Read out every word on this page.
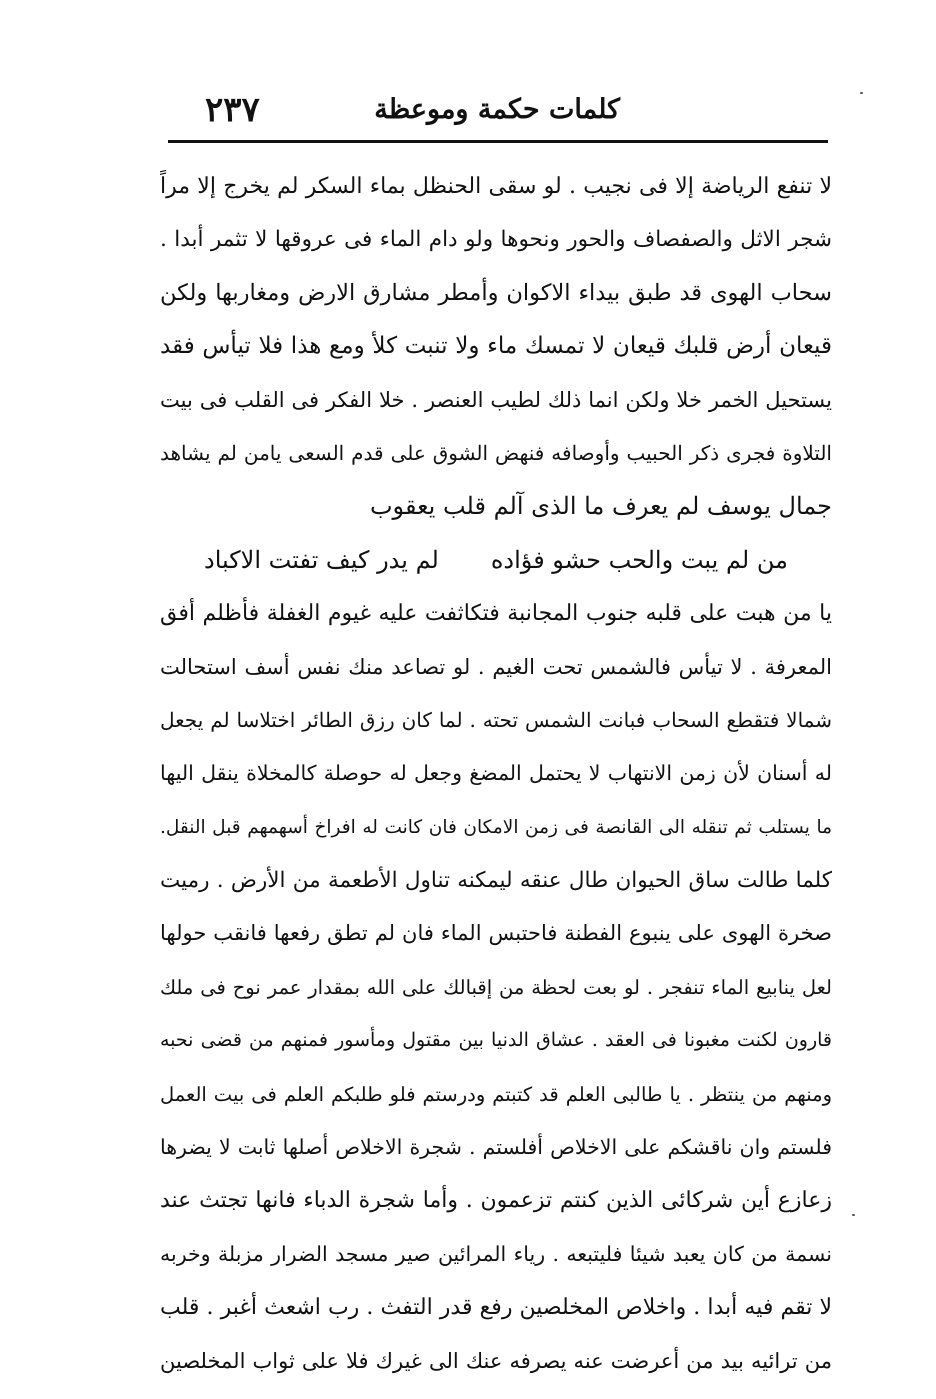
كلمات حكمة وموعظة
٢٣٧
لا تنفع الرياضة إلا فى نجيب . لو سقى الحنظل بماء السكر لم يخرج إلا مراً
شجر الاثل والصفصاف والحور ونحوها ولو دام الماء فى عروقها لا تثمر أبدا .
سحاب الهوى قد طبق بيداء الاكوان وأمطر مشارق الارض ومغاربها ولكن
قيعان أرض قلبك قيعان لا تمسك ماء ولا تنبت كلأ ومع هذا فلا تيأس فقد
يستحيل الخمر خلا ولكن انما ذلك لطيب العنصر . خلا الفكر فى القلب فى بيت
التلاوة فجرى ذكر الحبيب وأوصافه فنهض الشوق على قدم السعى يامن لم يشاهد
جمال يوسف لم يعرف ما الذى آلم قلب يعقوب
من لم يبت والحب حشو فؤاده
لم يدر كيف تفتت الاكباد
يا من هبت على قلبه جنوب المجانبة فتكاثفت عليه غيوم الغفلة فأظلم أفق
المعرفة . لا تيأس فالشمس تحت الغيم . لو تصاعد منك نفس أسف استحالت
شمالا فتقطع السحاب فبانت الشمس تحته . لما كان رزق الطائر اختلاسا لم يجعل
له أسنان لأن زمن الانتهاب لا يحتمل المضغ وجعل له حوصلة كالمخلاة ينقل اليها
ما يستلب ثم تنقله الى القانصة فى زمن الامكان فان كانت له افراخ أسهمهم قبل النقل.
كلما طالت ساق الحيوان طال عنقه ليمكنه تناول الأطعمة من الأرض . رميت
صخرة الهوى على ينبوع الفطنة فاحتبس الماء فان لم تطق رفعها فانقب حولها
لعل ينابيع الماء تنفجر . لو بعت لحظة من إقبالك على الله بمقدار عمر نوح فى ملك
قارون لكنت مغبونا فى العقد . عشاق الدنيا بين مقتول ومأسور فمنهم من قضى نحبه
ومنهم من ينتظر . يا طالبى العلم قد كتبتم ودرستم فلو طلبكم العلم فى بيت العمل
فلستم وان ناقشكم على الاخلاص أفلستم . شجرة الاخلاص أصلها ثابت لا يضرها
زعازع أين شركائى الذين كنتم تزعمون . وأما شجرة الدباء فانها تجتث عند
نسمة من كان يعبد شيئا فليتبعه . رياء المرائين صير مسجد الضرار مزبلة وخربه
لا تقم فيه أبدا . واخلاص المخلصين رفع قدر التفث . رب اشعث أغبر . قلب
من ترائيه بيد من أعرضت عنه يصرفه عنك الى غيرك فلا على ثواب المخلصين
